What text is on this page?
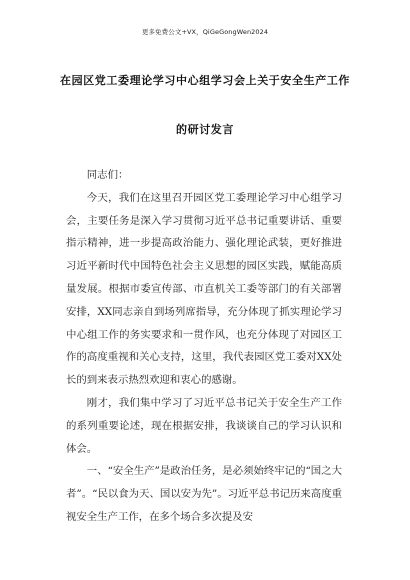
更多免费公文+VX，QiGeGongWen2024
在园区党工委理论学习中心组学习会上关于安全生产工作
的研讨发言

同志们：

今天，我们在这里召开园区党工委理论学习中心组学习会，主要任务是深入学习贯彻习近平总书记重要讲话、重要指示精神，进一步提高政治能力、强化理论武装，更好推进习近平新时代中国特色社会主义思想的园区实践，赋能高质量发展。根据市委宣传部、市直机关工委等部门的有关部署安排，XX同志亲自到场列席指导，充分体现了抓实理论学习中心组工作的务实要求和一贯作风，也充分体现了对园区工作的高度重视和关心支持，这里，我代表园区党工委对XX处长的到来表示热烈欢迎和衷心的感谢。

刚才，我们集中学习了习近平总书记关于安全生产工作的系列重要论述，现在根据安排，我谈谈自己的学习认识和体会。

一、“安全生产”是政治任务，是必须始终牢记的“国之大者”。“民以食为天、国以安为先”。习近平总书记历来高度重视安全生产工作，在多个场合多次提及安
